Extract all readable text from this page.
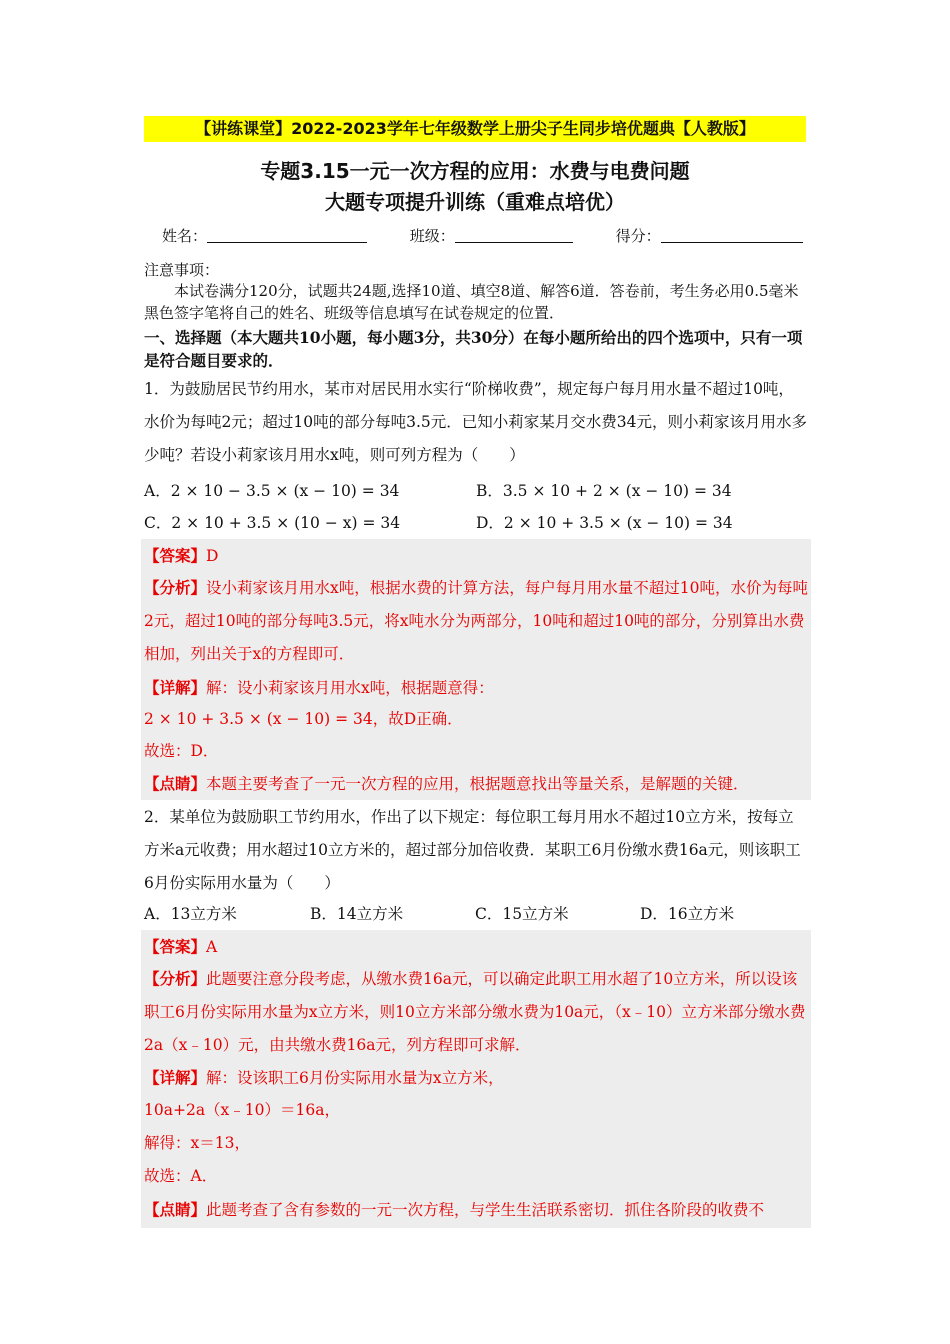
【讲练课堂】2022-2023学年七年级数学上册尖子生同步培优题典【人教版】
专题3.15一元一次方程的应用：水费与电费问题
大题专项提升训练（重难点培优）
姓名：	班级：	得分：
注意事项：
本试卷满分120分，试题共24题,选择10道、填空8道、解答6道．答卷前，考生务必用0.5毫米黑色签字笔将自己的姓名、班级等信息填写在试卷规定的位置．
一、选择题（本大题共10小题，每小题3分，共30分）在每小题所给出的四个选项中，只有一项是符合题目要求的．
1．为鼓励居民节约用水，某市对居民用水实行“阶梯收费”，规定每户每月用水量不超过10吨，水价为每吨2元；超过10吨的部分每吨3.5元．已知小莉家某月交水费34元，则小莉家该月用水多少吨？若设小莉家该月用水x吨，则可列方程为（　　）
A．2 × 10 − 3.5 × (x − 10) = 34	B．3.5 × 10 + 2 × (x − 10) = 34
C．2 × 10 + 3.5 × (10 − x) = 34	D．2 × 10 + 3.5 × (x − 10) = 34
【答案】D
【分析】设小莉家该月用水x吨，根据水费的计算方法，每户每月用水量不超过10吨，水价为每吨2元，超过10吨的部分每吨3.5元，将x吨水分为两部分，10吨和超过10吨的部分，分别算出水费相加，列出关于x的方程即可．
【详解】解：设小莉家该月用水x吨，根据题意得：
2 × 10 + 3.5 × (x − 10) = 34，故D正确．
故选：D．
【点睛】本题主要考查了一元一次方程的应用，根据题意找出等量关系，是解题的关键．
2．某单位为鼓励职工节约用水，作出了以下规定：每位职工每月用水不超过10立方米，按每立方米a元收费；用水超过10立方米的，超过部分加倍收费．某职工6月份缴水费16a元，则该职工6月份实际用水量为（　　）
A．13立方米	B．14立方米	C．15立方米	D．16立方米
【答案】A
【分析】此题要注意分段考虑，从缴水费16a元，可以确定此职工用水超了10立方米，所以设该职工6月份实际用水量为x立方米，则10立方米部分缴水费为10a元，（x﹣10）立方米部分缴水费2a（x﹣10）元，由共缴水费16a元，列方程即可求解．
【详解】解：设该职工6月份实际用水量为x立方米，
10a+2a（x﹣10）＝16a，
解得：x＝13，
故选：A．
【点睛】此题考查了含有参数的一元一次方程，与学生生活联系密切．抓住各阶段的收费不
